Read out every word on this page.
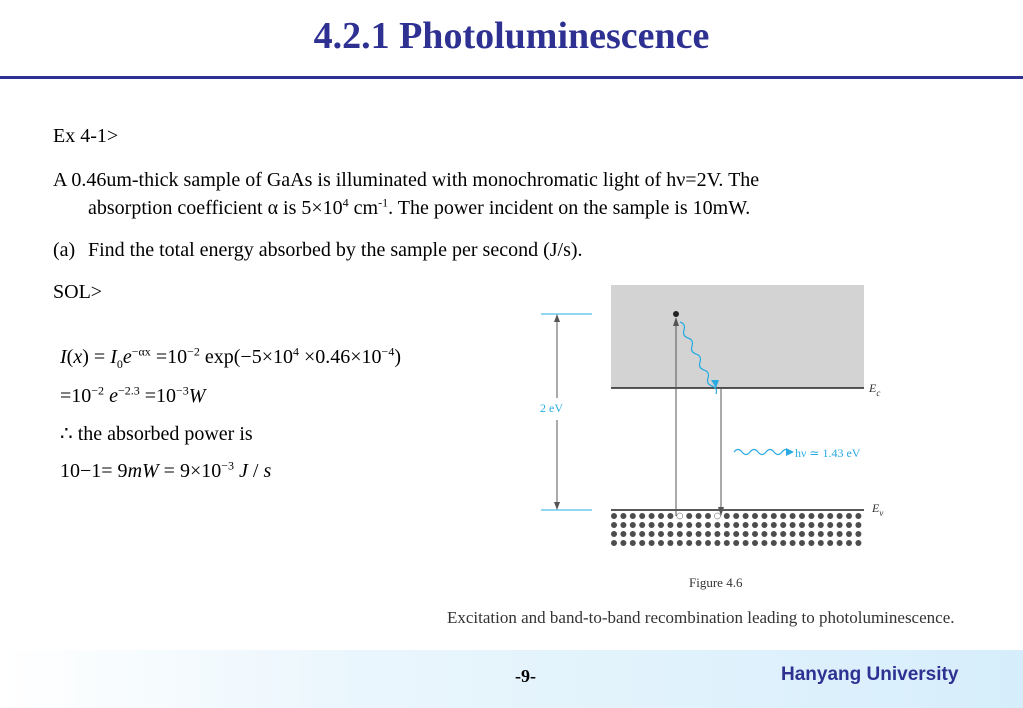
4.2.1 Photoluminescence
Ex 4-1>
A 0.46um-thick sample of GaAs is illuminated with monochromatic light of hν=2V. The
absorption coefficient α is $5\times 10^4$ $cm^{-1}$. The power incident on the sample is 10mW.
(a) Find the total energy absorbed by the sample per second (J/s).
SOL>
$I(x) = I_0e^{-\alpha x} =10^{-2}$ $\exp(-5\times 10^4 \times 0.46\times 10^{-4})$
$=10^{-2}$ $e^{-2.3} =10^{-3}W$
∴ the absorbed power is
$10-1= 9mW = 9\times 10^{-3}$ J / s
2 eV
hν ≃ 1.43 eV
$E_c$
$E_v$
Figure 4.6
Excitation and band-to-band recombination leading to photoluminescence.
-9-	Hanyang University
